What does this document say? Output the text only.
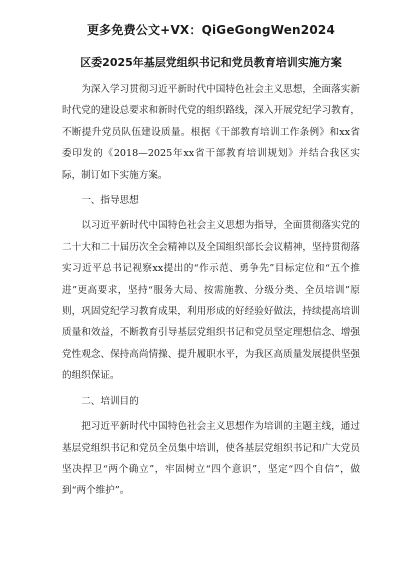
更多免费公文+VX：QiGeGongWen2024
区委2025年基层党组织书记和党员教育培训实施方案

为深入学习贯彻习近平新时代中国特色社会主义思想，全面落实新时代党的建设总要求和新时代党的组织路线，深入开展党纪学习教育，不断提升党员队伍建设质量。根据《干部教育培训工作条例》和xx省委印发的《2018—2025年xx省干部教育培训规划》并结合我区实际，制订如下实施方案。

一、指导思想

以习近平新时代中国特色社会主义思想为指导，全面贯彻落实党的二十大和二十届历次全会精神以及全国组织部长会议精神，坚持贯彻落实习近平总书记视察xx提出的“作示范、勇争先”目标定位和“五个推进”更高要求，坚持“服务大局、按需施教、分级分类、全员培训”原则，巩固党纪学习教育成果，利用形成的好经验好做法，持续提高培训质量和效益，不断教育引导基层党组织书记和党员坚定理想信念、增强党性观念、保持高尚情操、提升履职水平，为我区高质量发展提供坚强的组织保证。

二、培训目的

把习近平新时代中国特色社会主义思想作为培训的主题主线，通过基层党组织书记和党员全员集中培训，使各基层党组织书记和广大党员坚决捍卫“两个确立”，牢固树立“四个意识”，坚定“四个自信”，做到“两个维护”。
